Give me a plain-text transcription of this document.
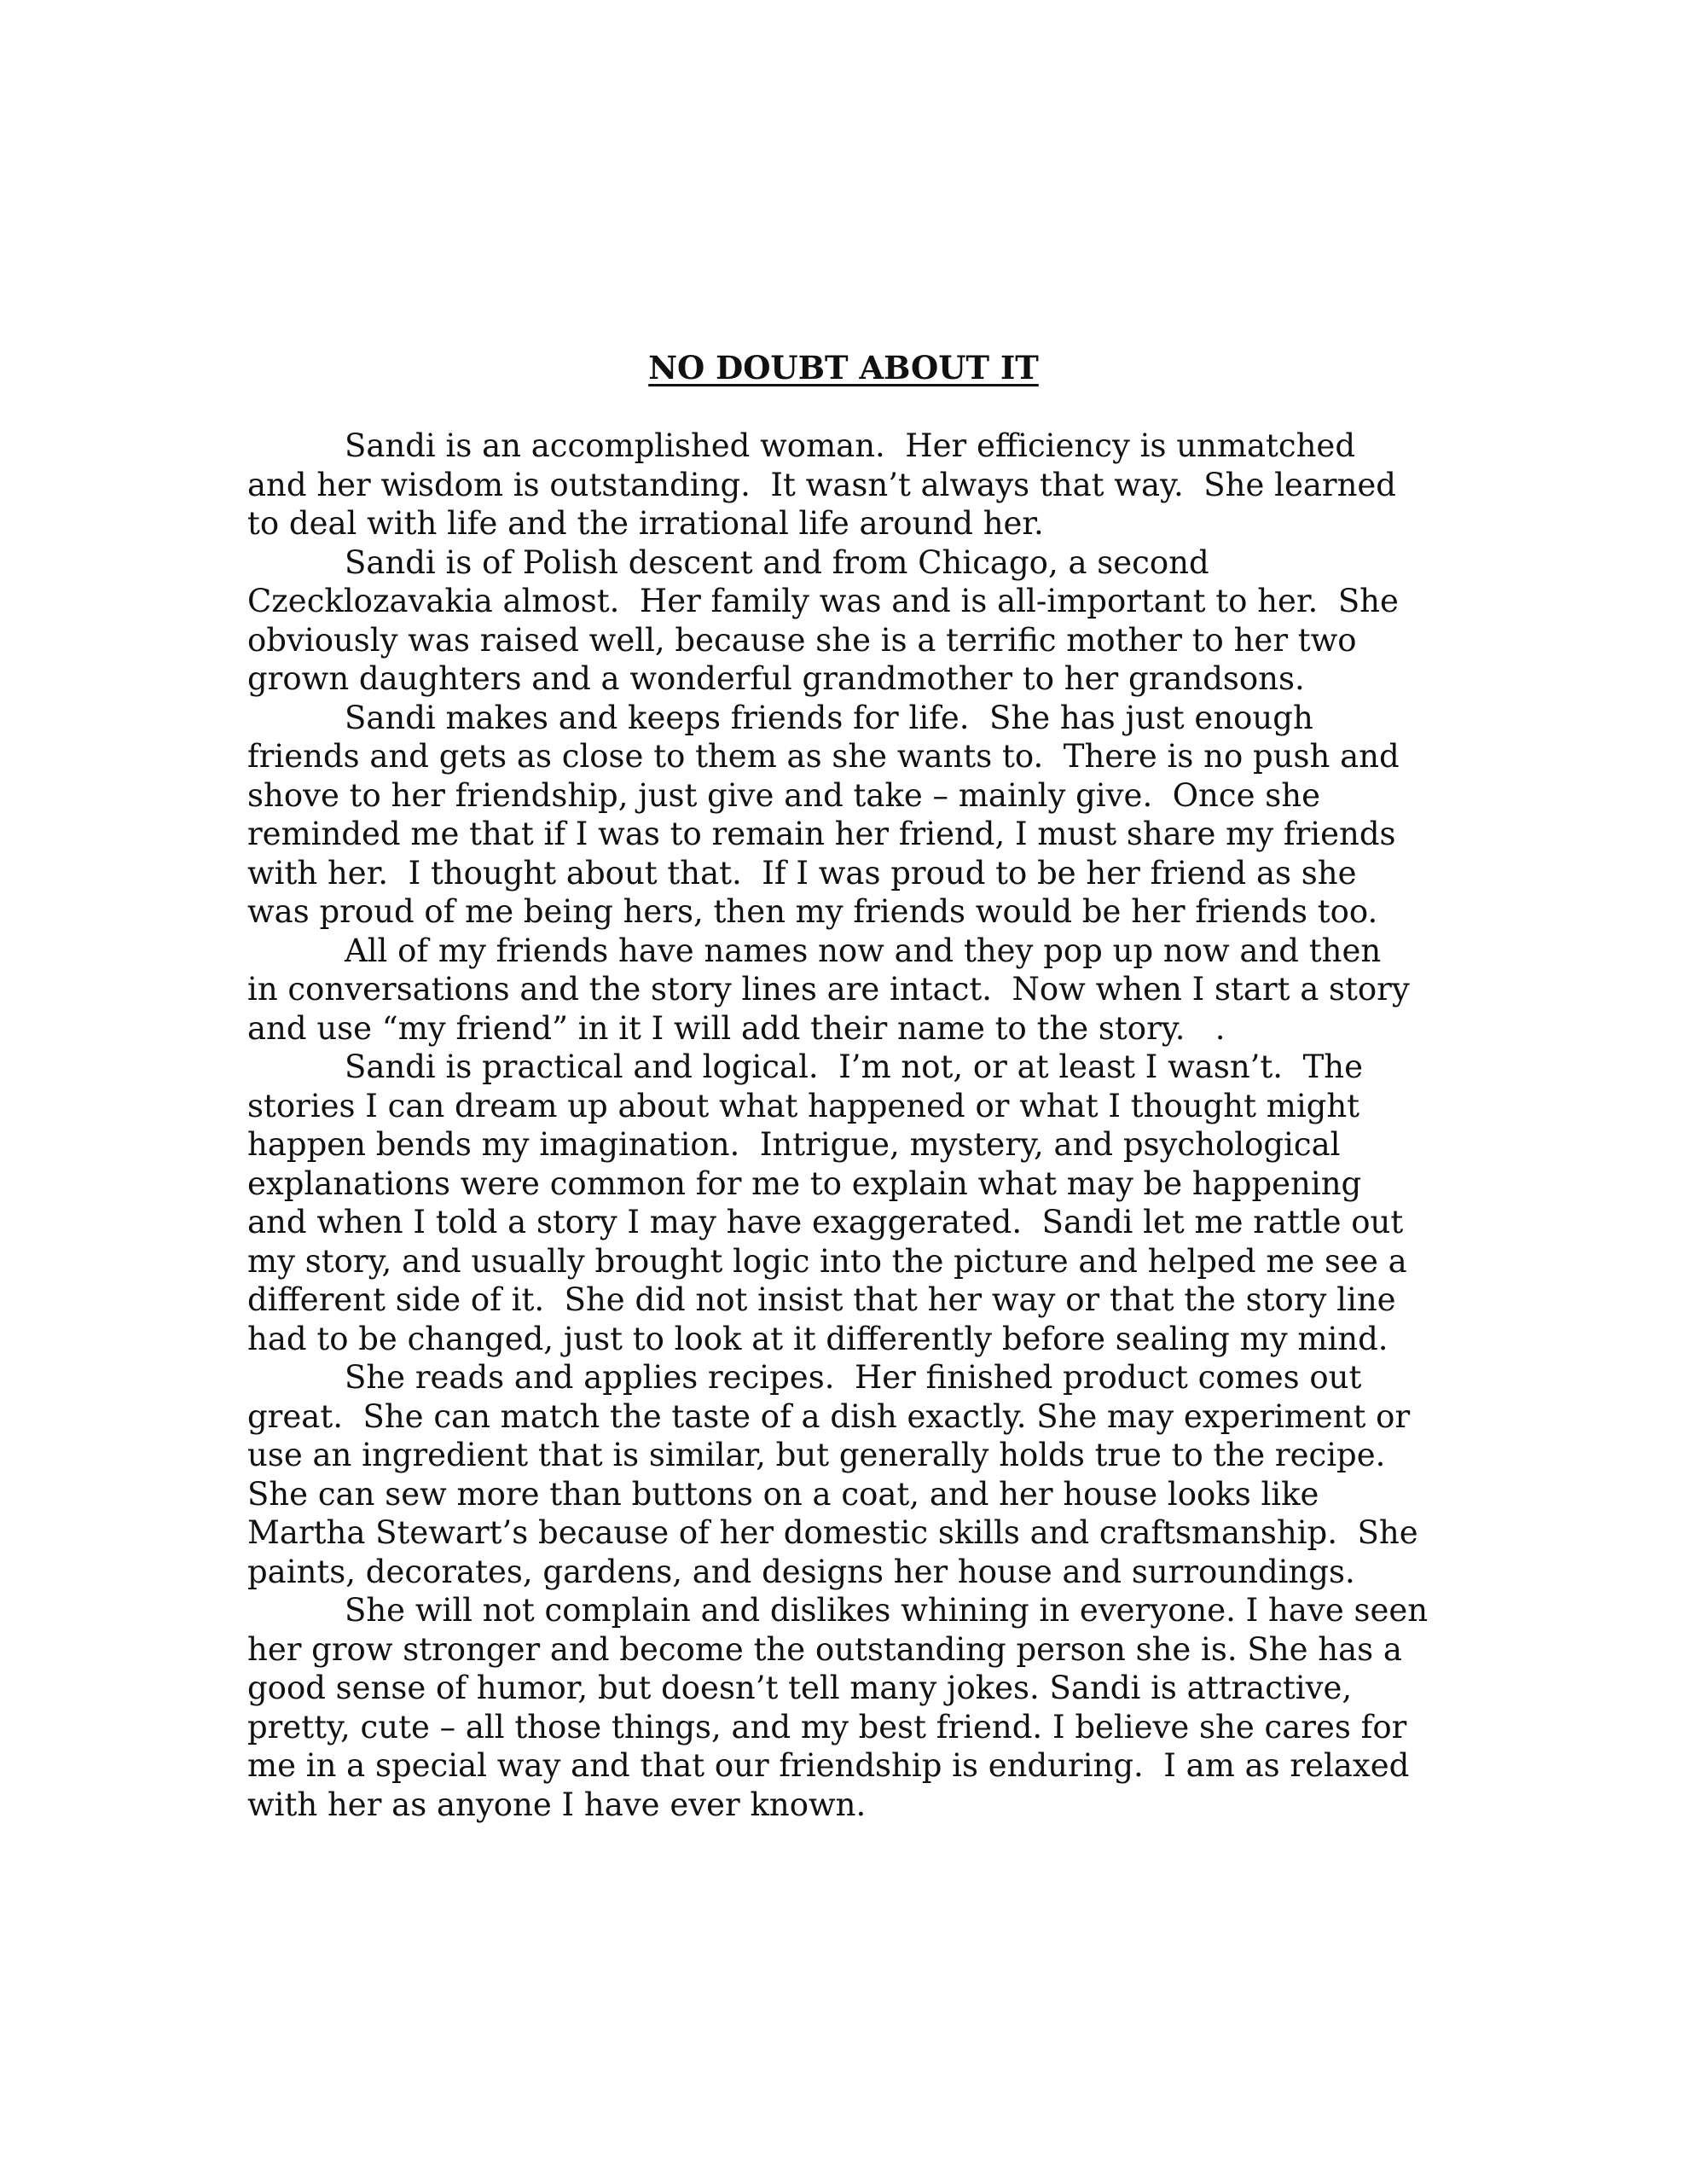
NO DOUBT ABOUT IT

Sandi is an accomplished woman.  Her efficiency is unmatched
and her wisdom is outstanding.  It wasn’t always that way.  She learned
to deal with life and the irrational life around her.

Sandi is of Polish descent and from Chicago, a second
Czecklozavakia almost.  Her family was and is all-important to her.  She
obviously was raised well, because she is a terrific mother to her two
grown daughters and a wonderful grandmother to her grandsons.

Sandi makes and keeps friends for life.  She has just enough
friends and gets as close to them as she wants to.  There is no push and
shove to her friendship, just give and take – mainly give.  Once she
reminded me that if I was to remain her friend, I must share my friends
with her.  I thought about that.  If I was proud to be her friend as she
was proud of me being hers, then my friends would be her friends too.

All of my friends have names now and they pop up now and then
in conversations and the story lines are intact.  Now when I start a story
and use “my friend” in it I will add their name to the story.   .

Sandi is practical and logical.  I’m not, or at least I wasn’t.  The
stories I can dream up about what happened or what I thought might
happen bends my imagination.  Intrigue, mystery, and psychological
explanations were common for me to explain what may be happening
and when I told a story I may have exaggerated.  Sandi let me rattle out
my story, and usually brought logic into the picture and helped me see a
different side of it.  She did not insist that her way or that the story line
had to be changed, just to look at it differently before sealing my mind.

She reads and applies recipes.  Her finished product comes out
great.  She can match the taste of a dish exactly. She may experiment or
use an ingredient that is similar, but generally holds true to the recipe.
She can sew more than buttons on a coat, and her house looks like
Martha Stewart’s because of her domestic skills and craftsmanship.  She
paints, decorates, gardens, and designs her house and surroundings.

She will not complain and dislikes whining in everyone. I have seen
her grow stronger and become the outstanding person she is. She has a
good sense of humor, but doesn’t tell many jokes. Sandi is attractive,
pretty, cute – all those things, and my best friend. I believe she cares for
me in a special way and that our friendship is enduring.  I am as relaxed
with her as anyone I have ever known.
